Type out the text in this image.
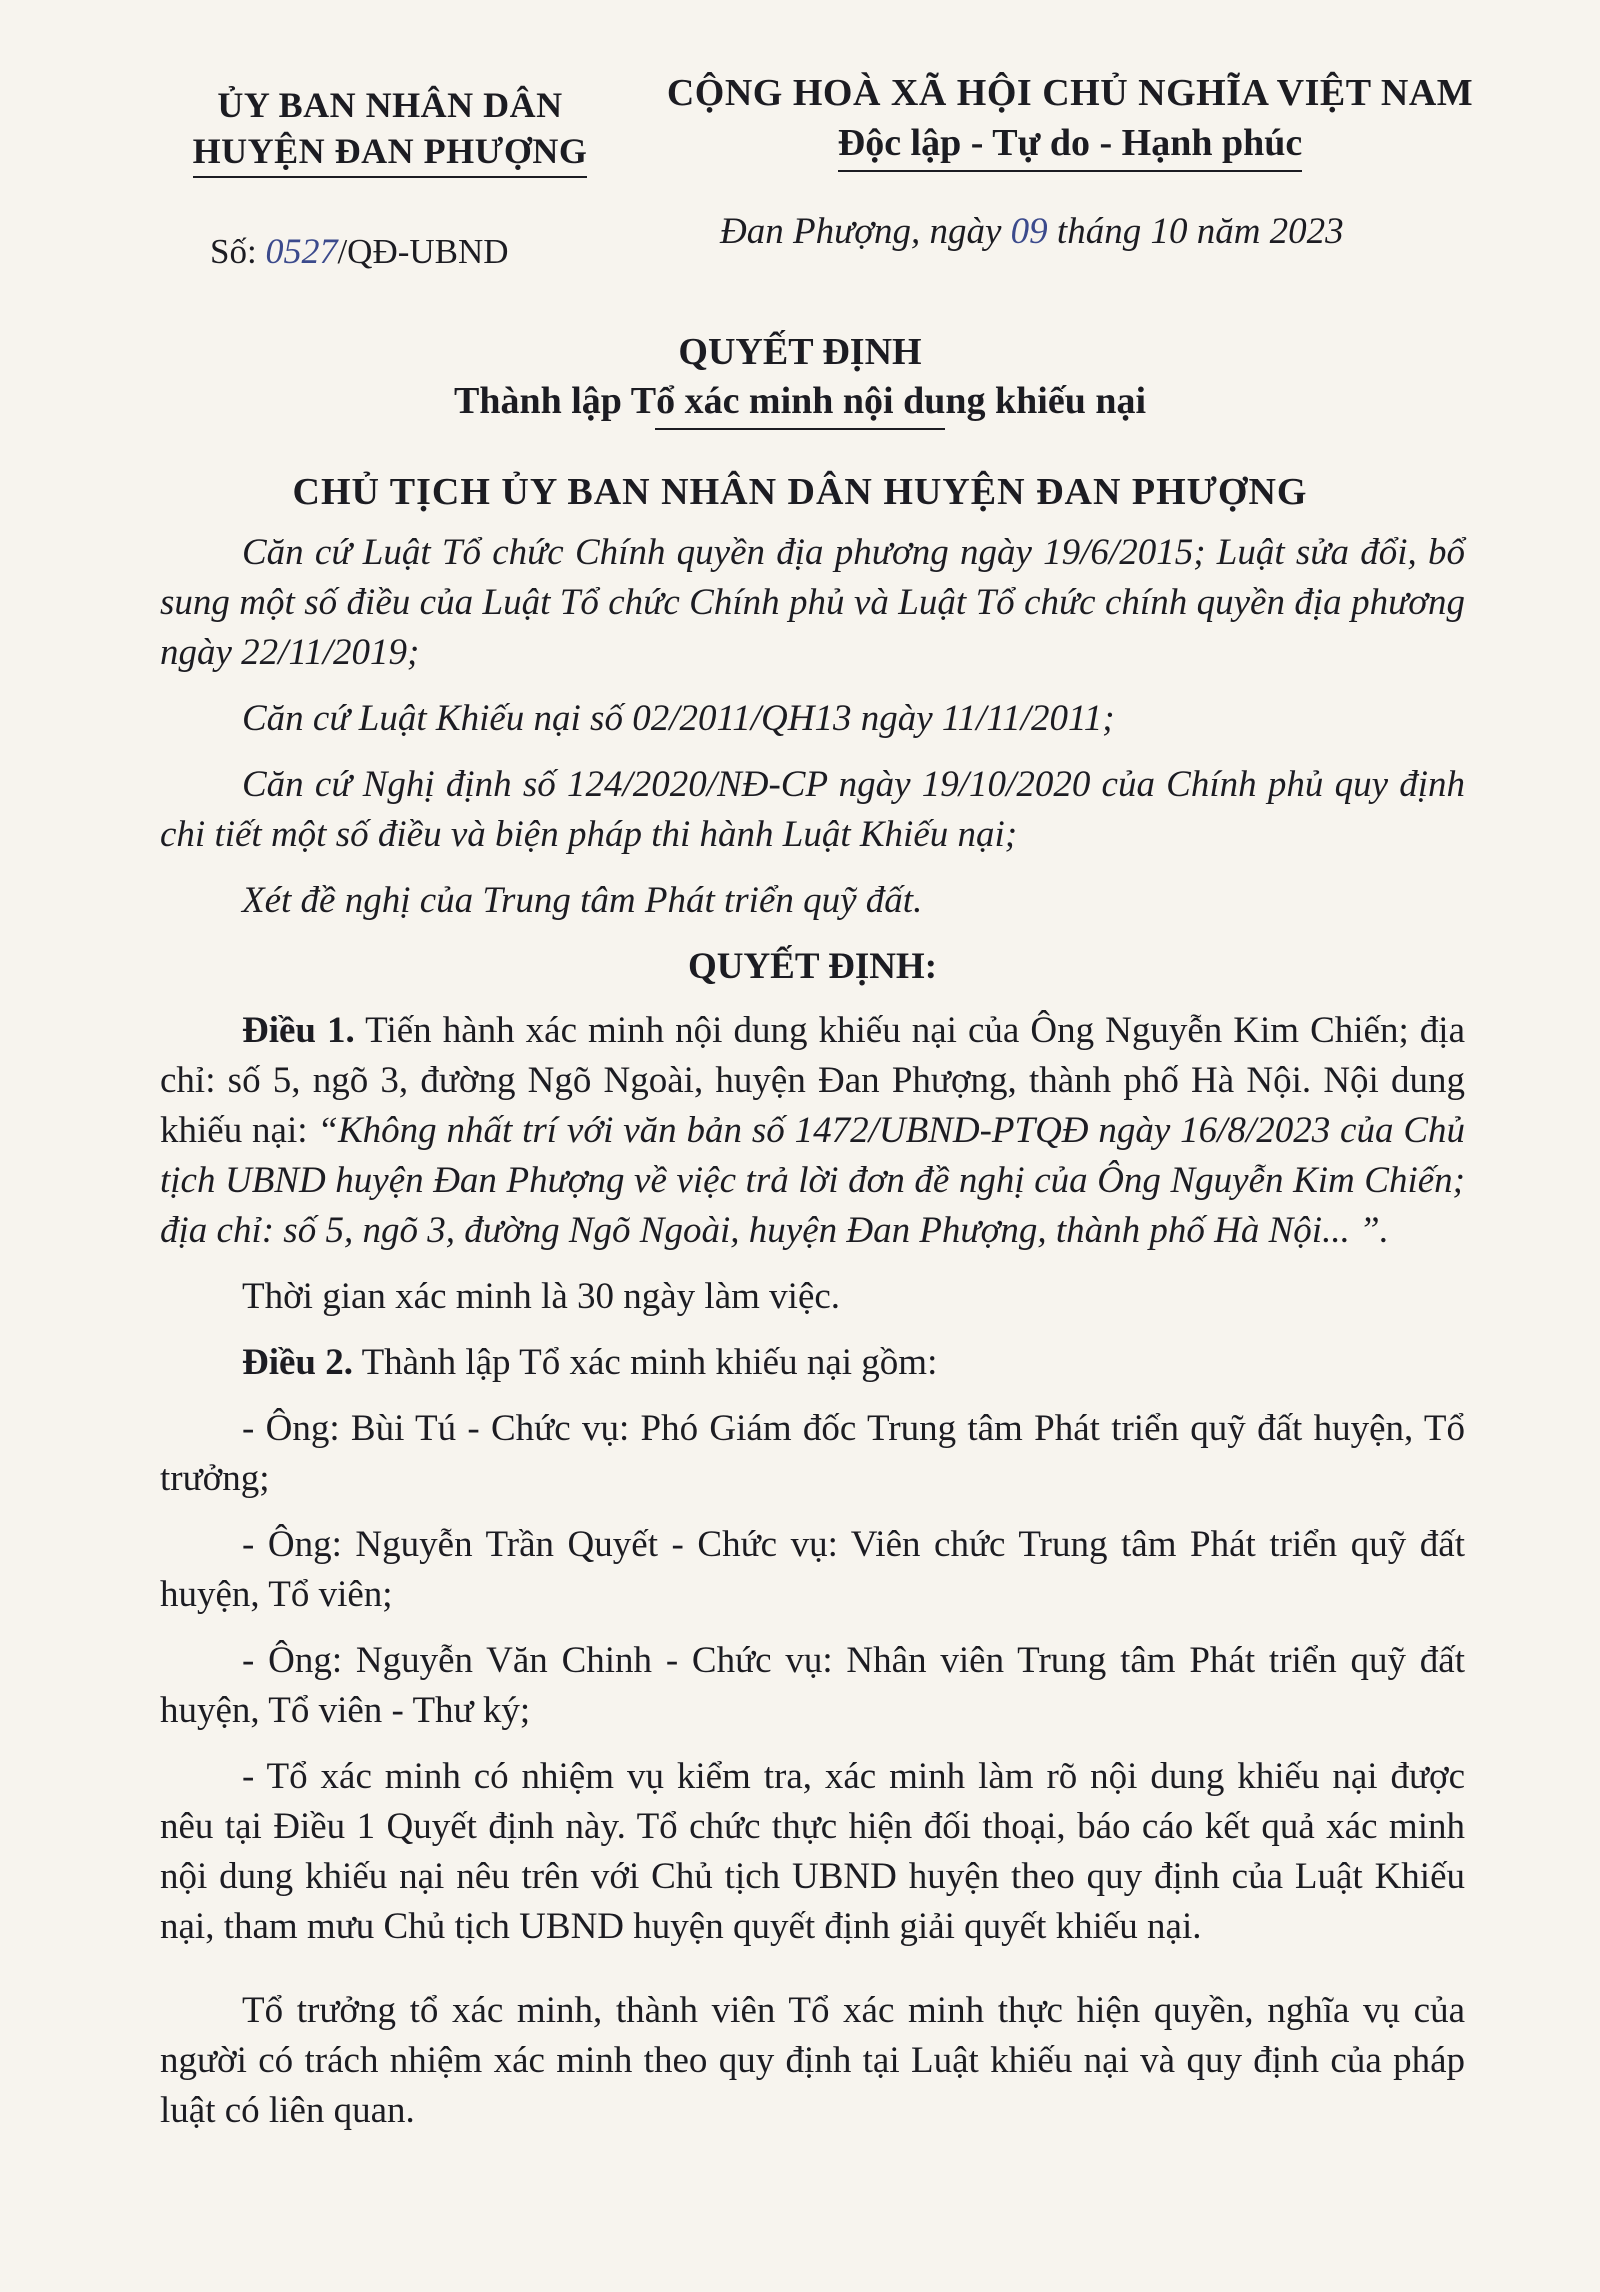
ỦY BAN NHÂN DÂN
HUYỆN ĐAN PHƯỢNG
CỘNG HOÀ XÃ HỘI CHỦ NGHĨA VIỆT NAM
Độc lập - Tự do - Hạnh phúc
Số: 0527/QĐ-UBND	Đan Phượng, ngày 09 tháng 10 năm 2023
QUYẾT ĐỊNH
Thành lập Tổ xác minh nội dung khiếu nại
CHỦ TỊCH ỦY BAN NHÂN DÂN HUYỆN ĐAN PHƯỢNG

Căn cứ Luật Tổ chức Chính quyền địa phương ngày 19/6/2015; Luật sửa đổi, bổ sung một số điều của Luật Tổ chức Chính phủ và Luật Tổ chức chính quyền địa phương ngày 22/11/2019;

Căn cứ Luật Khiếu nại số 02/2011/QH13 ngày 11/11/2011;

Căn cứ Nghị định số 124/2020/NĐ-CP ngày 19/10/2020 của Chính phủ quy định chi tiết một số điều và biện pháp thi hành Luật Khiếu nại;

Xét đề nghị của Trung tâm Phát triển quỹ đất.

QUYẾT ĐỊNH:

Điều 1. Tiến hành xác minh nội dung khiếu nại của Ông Nguyễn Kim Chiến; địa chỉ: số 5, ngõ 3, đường Ngõ Ngoài, huyện Đan Phượng, thành phố Hà Nội. Nội dung khiếu nại: “Không nhất trí với văn bản số 1472/UBND-PTQĐ ngày 16/8/2023 của Chủ tịch UBND huyện Đan Phượng về việc trả lời đơn đề nghị của Ông Nguyễn Kim Chiến; địa chỉ: số 5, ngõ 3, đường Ngõ Ngoài, huyện Đan Phượng, thành phố Hà Nội... ”.

Thời gian xác minh là 30 ngày làm việc.

Điều 2. Thành lập Tổ xác minh khiếu nại gồm:

- Ông: Bùi Tú - Chức vụ: Phó Giám đốc Trung tâm Phát triển quỹ đất huyện, Tổ trưởng;

- Ông: Nguyễn Trần Quyết - Chức vụ: Viên chức Trung tâm Phát triển quỹ đất huyện, Tổ viên;

- Ông: Nguyễn Văn Chinh - Chức vụ: Nhân viên Trung tâm Phát triển quỹ đất huyện, Tổ viên - Thư ký;

- Tổ xác minh có nhiệm vụ kiểm tra, xác minh làm rõ nội dung khiếu nại được nêu tại Điều 1 Quyết định này. Tổ chức thực hiện đối thoại, báo cáo kết quả xác minh nội dung khiếu nại nêu trên với Chủ tịch UBND huyện theo quy định của Luật Khiếu nại, tham mưu Chủ tịch UBND huyện quyết định giải quyết khiếu nại.

Tổ trưởng tổ xác minh, thành viên Tổ xác minh thực hiện quyền, nghĩa vụ của người có trách nhiệm xác minh theo quy định tại Luật khiếu nại và quy định của pháp luật có liên quan.
